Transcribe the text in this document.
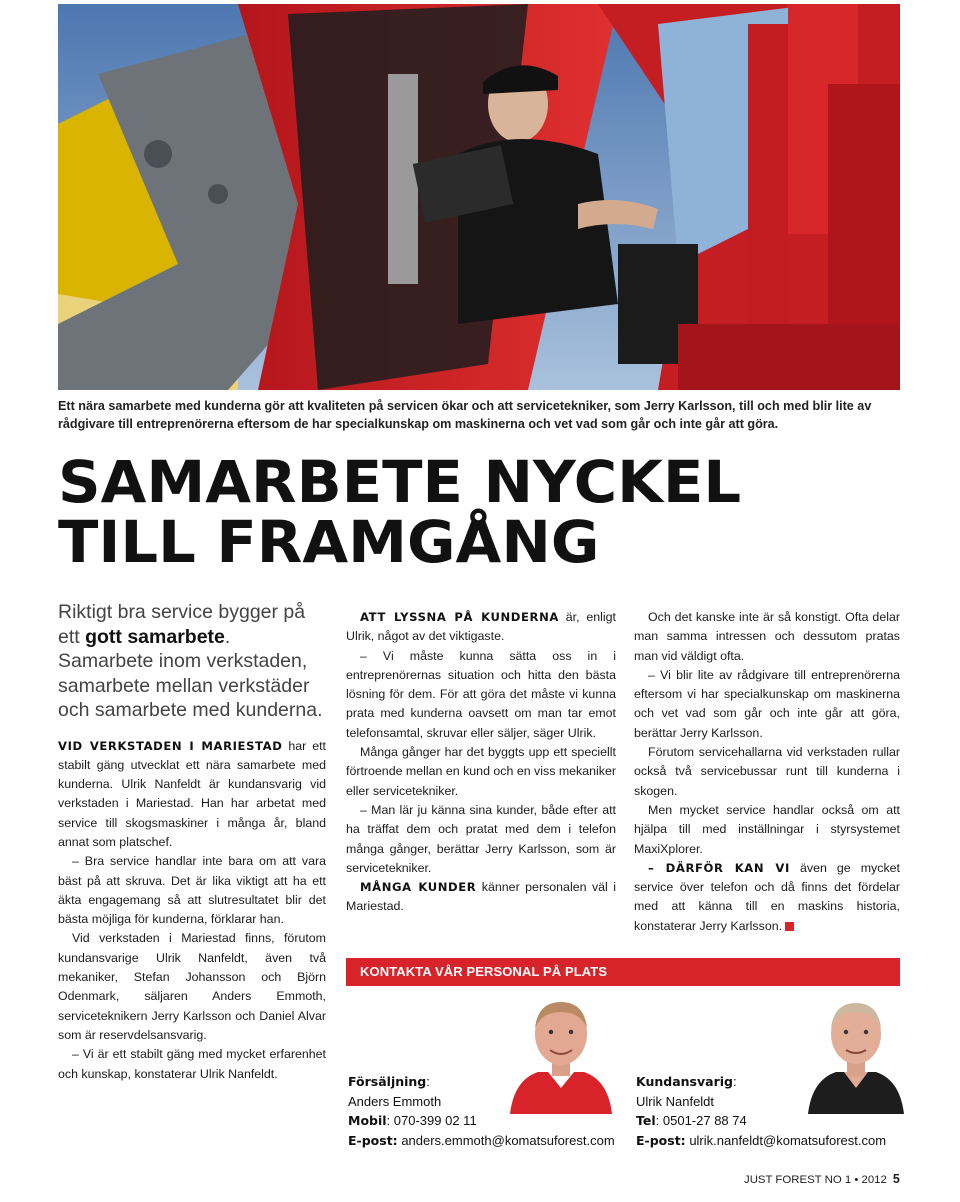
Ett nära samarbete med kunderna gör att kvaliteten på servicen ökar och att servicetekniker, som Jerry Karlsson, till och med blir lite av rådgivare till entreprenörerna eftersom de har specialkunskap om maskinerna och vet vad som går och inte går att göra.
SAMARBETE NYCKEL
TILL FRAMGÅNG
Riktigt bra service bygger på ett gott samarbete. Samarbete inom verkstaden, samarbete mellan verkstäder och samarbete med kunderna.

VID VERKSTADEN I MARIESTAD har ett stabilt gäng utvecklat ett nära samarbete med kunderna. Ulrik Nanfeldt är kundansvarig vid verkstaden i Mariestad. Han har arbetat med service till skogsmaskiner i många år, bland annat som platschef.

– Bra service handlar inte bara om att vara bäst på att skruva. Det är lika viktigt att ha ett äkta engagemang så att slutresultatet blir det bästa möjliga för kunderna, förklarar han.

Vid verkstaden i Mariestad finns, förutom kundansvarige Ulrik Nanfeldt, även två mekaniker, Stefan Johansson och Björn Odenmark, säljaren Anders Emmoth, serviceteknikern Jerry Karlsson och Daniel Alvar som är reservdelsansvarig.

– Vi är ett stabilt gäng med mycket erfarenhet och kunskap, konstaterar Ulrik Nanfeldt.

ATT LYSSNA PÅ KUNDERNA är, enligt Ulrik, något av det viktigaste.

– Vi måste kunna sätta oss in i entreprenörernas situation och hitta den bästa lösning för dem. För att göra det måste vi kunna prata med kunderna oavsett om man tar emot telefonsamtal, skruvar eller säljer, säger Ulrik.

Många gånger har det byggts upp ett speciellt förtroende mellan en kund och en viss mekaniker eller servicetekniker.

– Man lär ju känna sina kunder, både efter att ha träffat dem och pratat med dem i telefon många gånger, berättar Jerry Karlsson, som är servicetekniker.

MÅNGA KUNDER känner personalen väl i Mariestad.

Och det kanske inte är så konstigt. Ofta delar man samma intressen och dessutom pratas man vid väldigt ofta.

– Vi blir lite av rådgivare till entreprenörerna eftersom vi har specialkunskap om maskinerna och vet vad som går och inte går att göra, berättar Jerry Karlsson.

Förutom servicehallarna vid verkstaden rullar också två servicebussar runt till kunderna i skogen.

Men mycket service handlar också om att hjälpa till med inställningar i styrsystemet MaxiXplorer.

– DÄRFÖR KAN VI även ge mycket service över telefon och då finns det fördelar med att känna till en maskins historia, konstaterar Jerry Karlsson.

KONTAKTA VÅR PERSONAL PÅ PLATS
Försäljning:
Anders Emmoth
Mobil: 070-399 02 11
E-post: anders.emmoth@komatsuforest.com
Kundansvarig:
Ulrik Nanfeldt
Tel: 0501-27 88 74
E-post: ulrik.nanfeldt@komatsuforest.com
JUST FOREST NO 1 • 2012 5
